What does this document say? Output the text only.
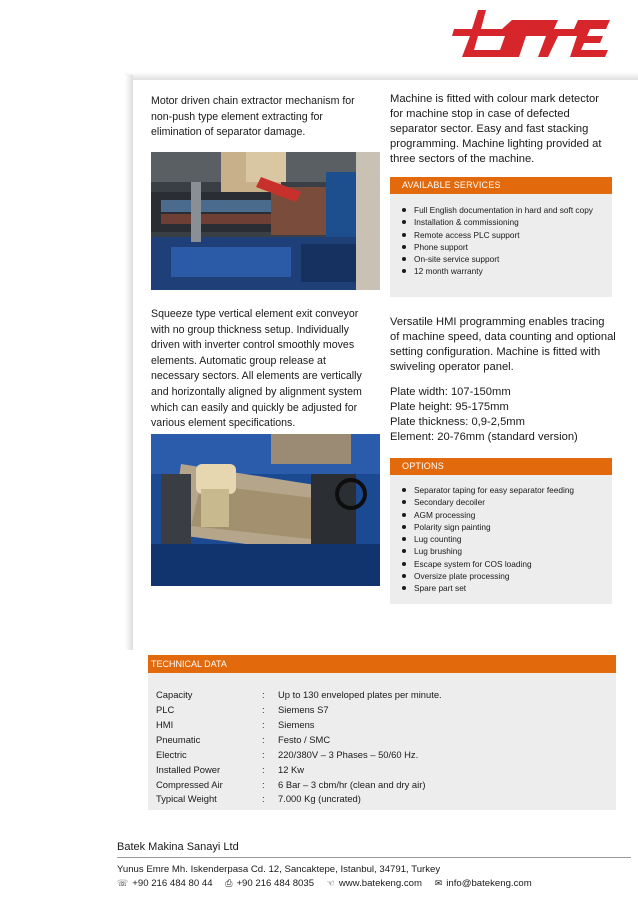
batek
Motor driven chain extractor mechanism for
non-push type element extracting for
elimination of separator damage.
Squeeze type vertical element exit conveyor
with no group thickness setup. Individually
driven with inverter control smoothly moves
elements. Automatic group release at
necessary sectors. All elements are vertically
and horizontally aligned by alignment system
which can easily and quickly be adjusted for
various element specifications.
Machine is fitted with colour mark detector
for machine stop in case of defected
separator sector. Easy and fast stacking
programming. Machine lighting provided at
three sectors of the machine.
AVAILABLE SERVICES
Full English documentation in hard and soft copy
Installation & commissioning
Remote access PLC support
Phone support
On-site service support
12 month warranty
Versatile HMI programming enables tracing
of machine speed, data counting and optional
setting configuration. Machine is fitted with
swiveling operator panel.
Plate width: 107-150mm
Plate height: 95-175mm
Plate thickness: 0,9-2,5mm
Element: 20-76mm (standard version)
OPTIONS
Separator taping for easy separator feeding
Secondary decoiler
AGM processing
Polarity sign painting
Lug counting
Lug brushing
Escape system for COS loading
Oversize plate processing
Spare part set
TECHNICAL DATA
Capacity	: Up to 130 enveloped plates per minute.
PLC	: Siemens S7
HMI	: Siemens
Pneumatic	: Festo / SMC
Electric	: 220/380V – 3 Phases – 50/60 Hz.
Installed Power	: 12 Kw
Compressed Air	: 6 Bar – 3 cbm/hr (clean and dry air)
Typical Weight	: 7.000 Kg (uncrated)
Batek Makina Sanayi Ltd
Yunus Emre Mh. Iskenderpasa Cd. 12, Sancaktepe, Istanbul, 34791, Turkey
☏ +90 216 484 80 44 ⎙ +90 216 484 8035 ☜ www.batekeng.com ✉ info@batekeng.com
